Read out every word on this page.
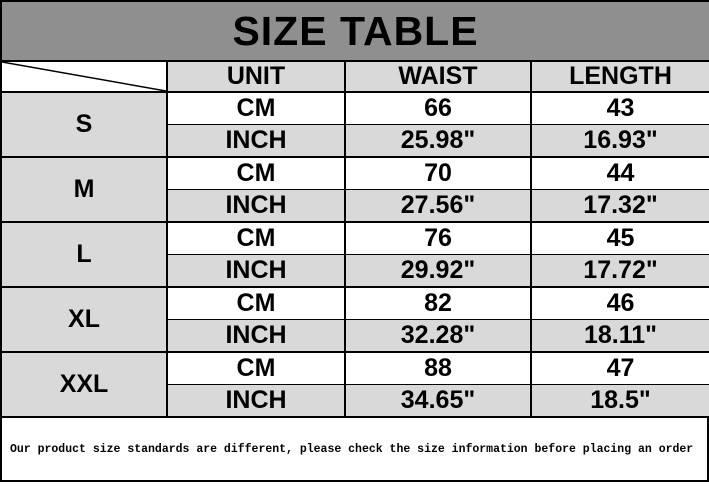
SIZE TABLE			

	UNIT	WAIST	LENGTH
S	CM	66	43
	INCH	25.98"	16.93"
M	CM	70	44
	INCH	27.56"	17.32"
L	CM	76	45
	INCH	29.92"	17.72"
XL	CM	82	46
	INCH	32.28"	18.11"
XXL	CM	88	47
	INCH	34.65"	18.5"
Our product size standards are different, please check the size information before placing an order
